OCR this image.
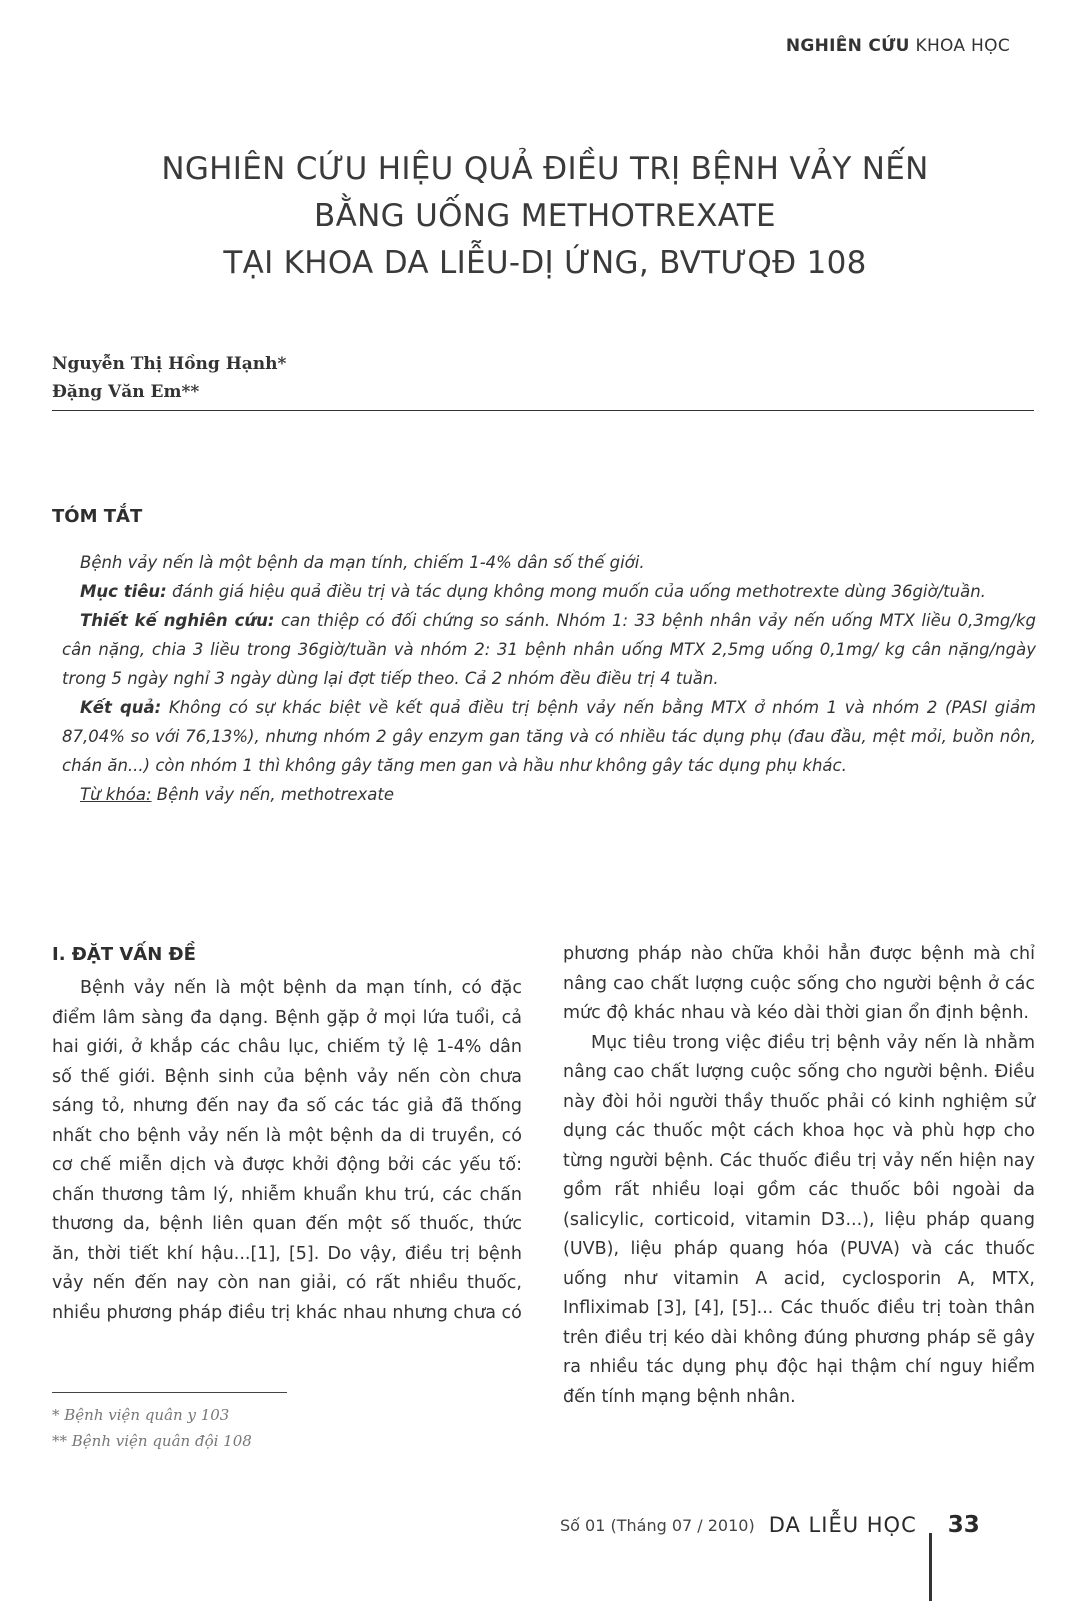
NGHIÊN CỨU KHOA HỌC
NGHIÊN CỨU HIỆU QUẢ ĐIỀU TRỊ BỆNH VẢY NẾN
BẰNG UỐNG METHOTREXATE
TẠI KHOA DA LIỄU-DỊ ỨNG, BVTƯQĐ 108
Nguyễn Thị Hồng Hạnh*
Đặng Văn Em**
TÓM TẮT

Bệnh vảy nến là một bệnh da mạn tính, chiếm 1-4% dân số thế giới.

Mục tiêu: đánh giá hiệu quả điều trị và tác dụng không mong muốn của uống methotrexte dùng 36giờ/tuần.

Thiết kế nghiên cứu: can thiệp có đối chứng so sánh. Nhóm 1: 33 bệnh nhân vảy nến uống MTX liều 0,3mg/kg cân nặng, chia 3 liều trong 36giờ/tuần và nhóm 2: 31 bệnh nhân uống MTX 2,5mg uống 0,1mg/ kg cân nặng/ngày trong 5 ngày nghỉ 3 ngày dùng lại đợt tiếp theo. Cả 2 nhóm đều điều trị 4 tuần.

Kết quả: Không có sự khác biệt về kết quả điều trị bệnh vảy nến bằng MTX ở nhóm 1 và nhóm 2 (PASI giảm 87,04% so với 76,13%), nhưng nhóm 2 gây enzym gan tăng và có nhiều tác dụng phụ (đau đầu, mệt mỏi, buồn nôn, chán ăn...) còn nhóm 1 thì không gây tăng men gan và hầu như không gây tác dụng phụ khác.

Từ khóa: Bệnh vảy nến, methotrexate

I. ĐẶT VẤN ĐỀ

Bệnh vảy nến là một bệnh da mạn tính, có đặc điểm lâm sàng đa dạng. Bệnh gặp ở mọi lứa tuổi, cả hai giới, ở khắp các châu lục, chiếm tỷ lệ 1-4% dân số thế giới. Bệnh sinh của bệnh vảy nến còn chưa sáng tỏ, nhưng đến nay đa số các tác giả đã thống nhất cho bệnh vảy nến là một bệnh da di truyền, có cơ chế miễn dịch và được khởi động bởi các yếu tố: chấn thương tâm lý, nhiễm khuẩn khu trú, các chấn thương da, bệnh liên quan đến một số thuốc, thức ăn, thời tiết khí hậu...[1], [5]. Do vậy, điều trị bệnh vảy nến đến nay còn nan giải, có rất nhiều thuốc, nhiều phương pháp điều trị khác nhau nhưng chưa có

phương pháp nào chữa khỏi hẳn được bệnh mà chỉ nâng cao chất lượng cuộc sống cho người bệnh ở các mức độ khác nhau và kéo dài thời gian ổn định bệnh.

Mục tiêu trong việc điều trị bệnh vảy nến là nhằm nâng cao chất lượng cuộc sống cho người bệnh. Điều này đòi hỏi người thầy thuốc phải có kinh nghiệm sử dụng các thuốc một cách khoa học và phù hợp cho từng người bệnh. Các thuốc điều trị vảy nến hiện nay gồm rất nhiều loại gồm các thuốc bôi ngoài da (salicylic, corticoid, vitamin D3...), liệu pháp quang (UVB), liệu pháp quang hóa (PUVA) và các thuốc uống như vitamin A acid, cyclosporin A, MTX, Infliximab [3], [4], [5]... Các thuốc điều trị toàn thân trên điều trị kéo dài không đúng phương pháp sẽ gây ra nhiều tác dụng phụ độc hại thậm chí nguy hiểm đến tính mạng bệnh nhân.

* Bệnh viện quân y 103
** Bệnh viện quân đội 108
Số 01 (Tháng 07 / 2010) DA LIỄU HỌC 33
